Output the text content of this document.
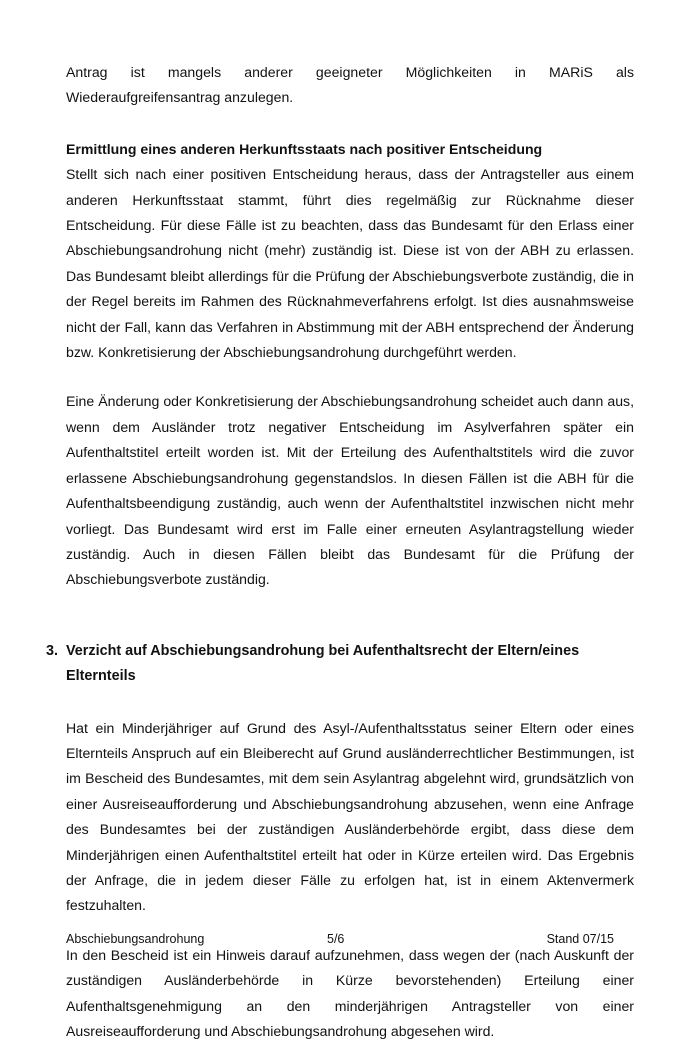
Antrag ist mangels anderer geeigneter Möglichkeiten in MARiS als Wiederaufgreifensantrag anzulegen.

Ermittlung eines anderen Herkunftsstaats nach positiver Entscheidung

Stellt sich nach einer positiven Entscheidung heraus, dass der Antragsteller aus einem anderen Herkunftsstaat stammt, führt dies regelmäßig zur Rücknahme dieser Entscheidung. Für diese Fälle ist zu beachten, dass das Bundesamt für den Erlass einer Abschiebungsandrohung nicht (mehr) zuständig ist. Diese ist von der ABH zu erlassen. Das Bundesamt bleibt allerdings für die Prüfung der Abschiebungsverbote zuständig, die in der Regel bereits im Rahmen des Rücknahmeverfahrens erfolgt. Ist dies ausnahmsweise nicht der Fall, kann das Verfahren in Abstimmung mit der ABH entsprechend der Änderung bzw. Konkretisierung der Abschiebungsandrohung durchgeführt werden.

Eine Änderung oder Konkretisierung der Abschiebungsandrohung scheidet auch dann aus, wenn dem Ausländer trotz negativer Entscheidung im Asylverfahren später ein Aufenthaltstitel erteilt worden ist. Mit der Erteilung des Aufenthaltstitels wird die zuvor erlassene Abschiebungsandrohung gegenstandslos. In diesen Fällen ist die ABH für die Aufenthaltsbeendigung zuständig, auch wenn der Aufenthaltstitel inzwischen nicht mehr vorliegt. Das Bundesamt wird erst im Falle einer erneuten Asylantragstellung wieder zuständig. Auch in diesen Fällen bleibt das Bundesamt für die Prüfung der Abschiebungsverbote zuständig.

3. Verzicht auf Abschiebungsandrohung bei Aufenthaltsrecht der Eltern/eines Elternteils

Hat ein Minderjähriger auf Grund des Asyl-/Aufenthaltsstatus seiner Eltern oder eines Elternteils Anspruch auf ein Bleiberecht auf Grund ausländerrechtlicher Bestimmungen, ist im Bescheid des Bundesamtes, mit dem sein Asylantrag abgelehnt wird, grundsätzlich von einer Ausreiseaufforderung und Abschiebungsandrohung abzusehen, wenn eine Anfrage des Bundesamtes bei der zuständigen Ausländerbehörde ergibt, dass diese dem Minderjährigen einen Aufenthaltstitel erteilt hat oder in Kürze erteilen wird. Das Ergebnis der Anfrage, die in jedem dieser Fälle zu erfolgen hat, ist in einem Aktenvermerk festzuhalten.

In den Bescheid ist ein Hinweis darauf aufzunehmen, dass wegen der (nach Auskunft der zuständigen Ausländerbehörde in Kürze bevorstehenden) Erteilung einer Aufenthaltsgenehmigung an den minderjährigen Antragsteller von einer Ausreiseaufforderung und Abschiebungsandrohung abgesehen wird.

Abschiebungsandrohung	5/6	Stand 07/15
